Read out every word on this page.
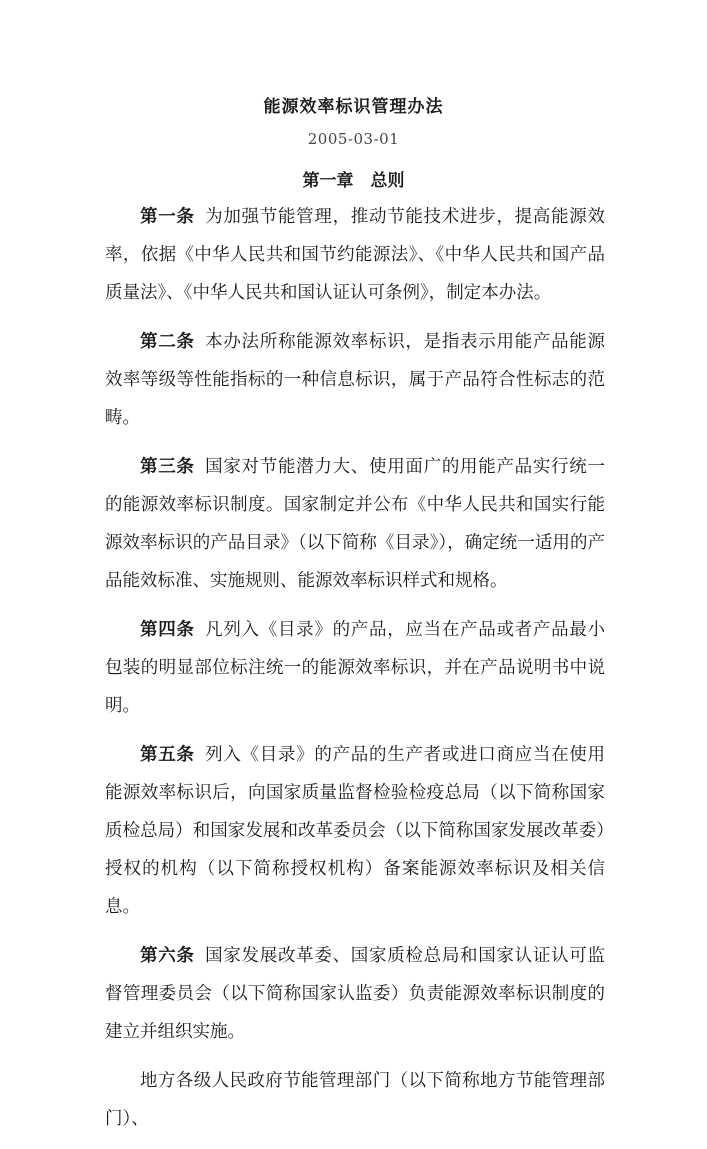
能源效率标识管理办法
2005-03-01
第一章　总则

第一条 为加强节能管理，推动节能技术进步，提高能源效率，依据《中华人民共和国节约能源法》、《中华人民共和国产品质量法》、《中华人民共和国认证认可条例》，制定本办法。

第二条 本办法所称能源效率标识，是指表示用能产品能源效率等级等性能指标的一种信息标识，属于产品符合性标志的范畴。

第三条 国家对节能潜力大、使用面广的用能产品实行统一的能源效率标识制度。国家制定并公布《中华人民共和国实行能源效率标识的产品目录》（以下简称《目录》），确定统一适用的产品能效标准、实施规则、能源效率标识样式和规格。

第四条 凡列入《目录》的产品，应当在产品或者产品最小包装的明显部位标注统一的能源效率标识，并在产品说明书中说明。

第五条 列入《目录》的产品的生产者或进口商应当在使用能源效率标识后，向国家质量监督检验检疫总局（以下简称国家质检总局）和国家发展和改革委员会（以下简称国家发展改革委）授权的机构（以下简称授权机构）备案能源效率标识及相关信息。

第六条 国家发展改革委、国家质检总局和国家认证认可监督管理委员会（以下简称国家认监委）负责能源效率标识制度的建立并组织实施。

地方各级人民政府节能管理部门（以下简称地方节能管理部门）、
